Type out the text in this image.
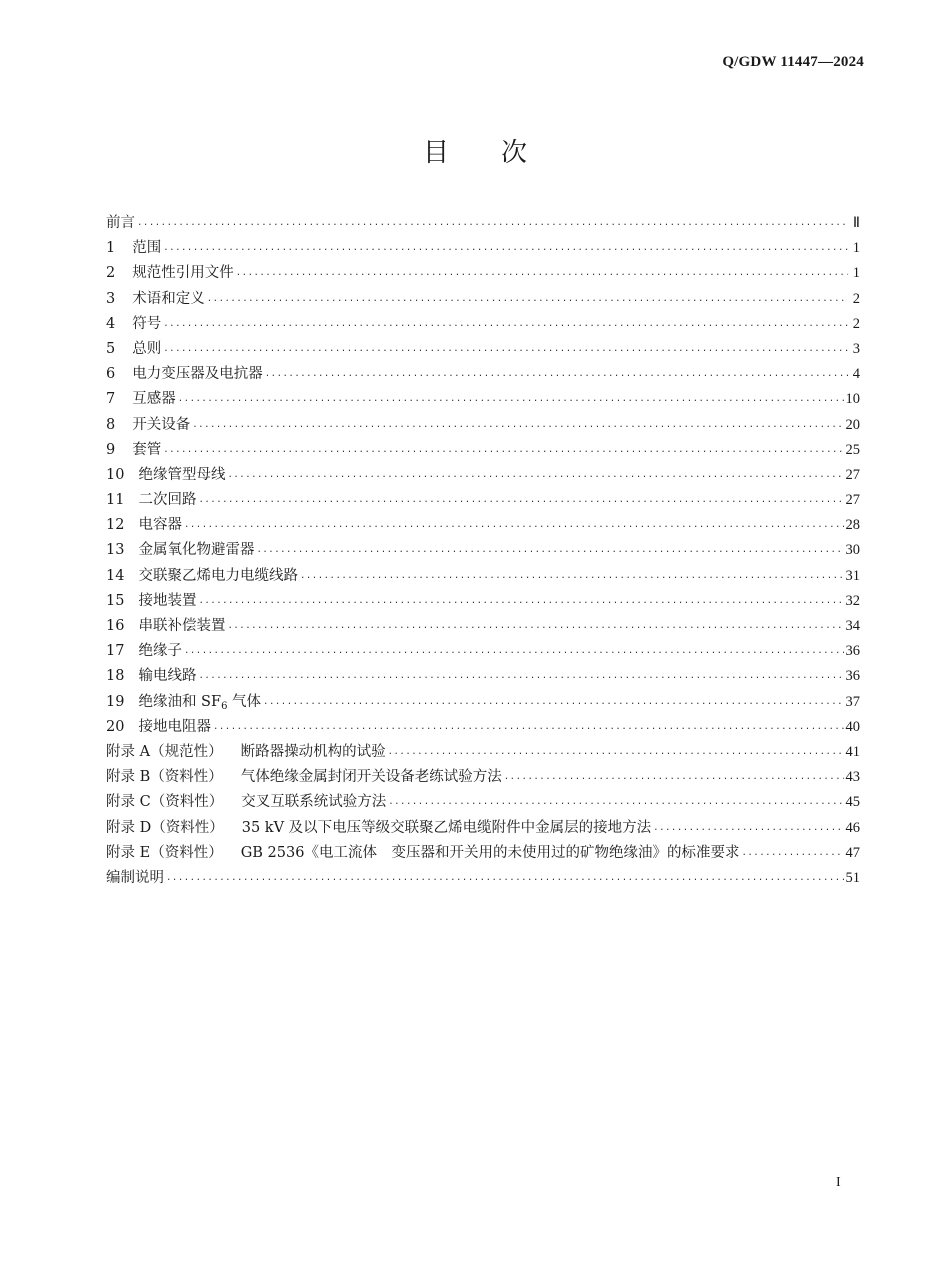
Q/GDW 11447—2024
目次
前言 .....	Ⅱ
1 范围 .....	1
2 规范性引用文件 .....	1
3 术语和定义 .....	2
4 符号 .....	2
5 总则 .....	3
6 电力变压器及电抗器 .....	4
7 互感器 .....	10
8 开关设备 .....	20
9 套管 .....	25
10 绝缘管型母线 .....	27
11 二次回路 .....	27
12 电容器 .....	28
13 金属氧化物避雷器 .....	30
14 交联聚乙烯电力电缆线路 .....	31
15 接地装置 .....	32
16 串联补偿装置 .....	34
17 绝缘子 .....	36
18 输电线路 .....	36
19 绝缘油和 $SF_6$ 气体 .....	37
20 接地电阻器 .....	40
附录 A（规范性） 断路器操动机构的试验 .....	41
附录 B（资料性） 气体绝缘金属封闭开关设备老练试验方法 .....	43
附录 C（资料性） 交叉互联系统试验方法 .....	45
附录 D（资料性） 35 kV 及以下电压等级交联聚乙烯电缆附件中金属层的接地方法 .....	46
附录 E（资料性） GB 2536《电工流体　变压器和开关用的未使用过的矿物绝缘油》的标准要求 .....	47
编制说明 .....	51
I
